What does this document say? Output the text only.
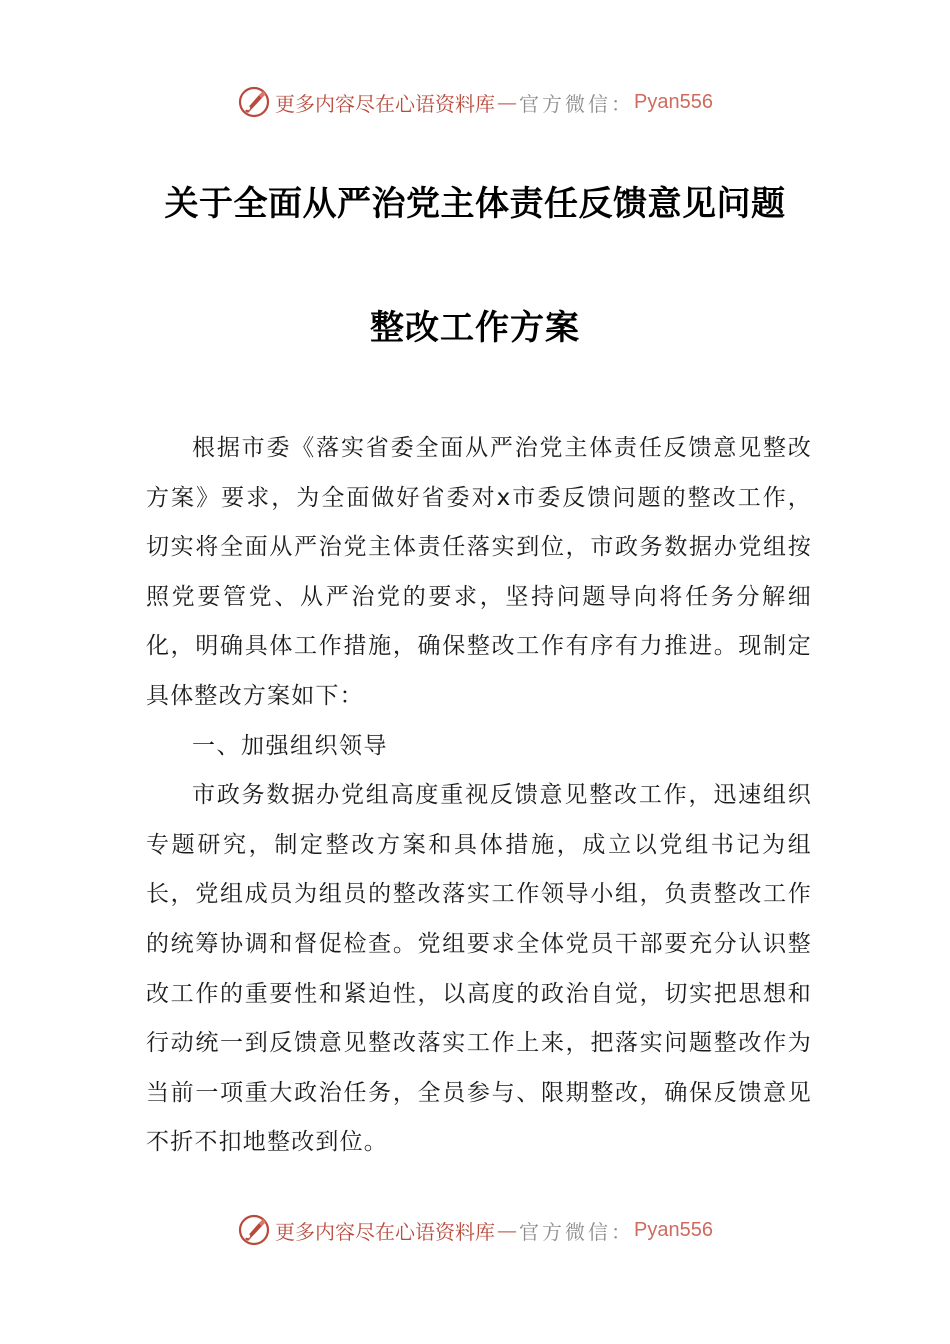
更多内容尽在心语资料库 — 官方微信： Pyan556
关于全面从严治党主体责任反馈意见问题
整改工作方案

根据市委《落实省委全面从严治党主体责任反馈意见整改方案》要求，为全面做好省委对x市委反馈问题的整改工作，切实将全面从严治党主体责任落实到位，市政务数据办党组按照党要管党、从严治党的要求，坚持问题导向将任务分解细化，明确具体工作措施，确保整改工作有序有力推进。现制定具体整改方案如下：

一、加强组织领导

市政务数据办党组高度重视反馈意见整改工作，迅速组织专题研究，制定整改方案和具体措施，成立以党组书记为组长，党组成员为组员的整改落实工作领导小组，负责整改工作的统筹协调和督促检查。党组要求全体党员干部要充分认识整改工作的重要性和紧迫性，以高度的政治自觉，切实把思想和行动统一到反馈意见整改落实工作上来，把落实问题整改作为当前一项重大政治任务，全员参与、限期整改，确保反馈意见不折不扣地整改到位。

更多内容尽在心语资料库 — 官方微信： Pyan556
